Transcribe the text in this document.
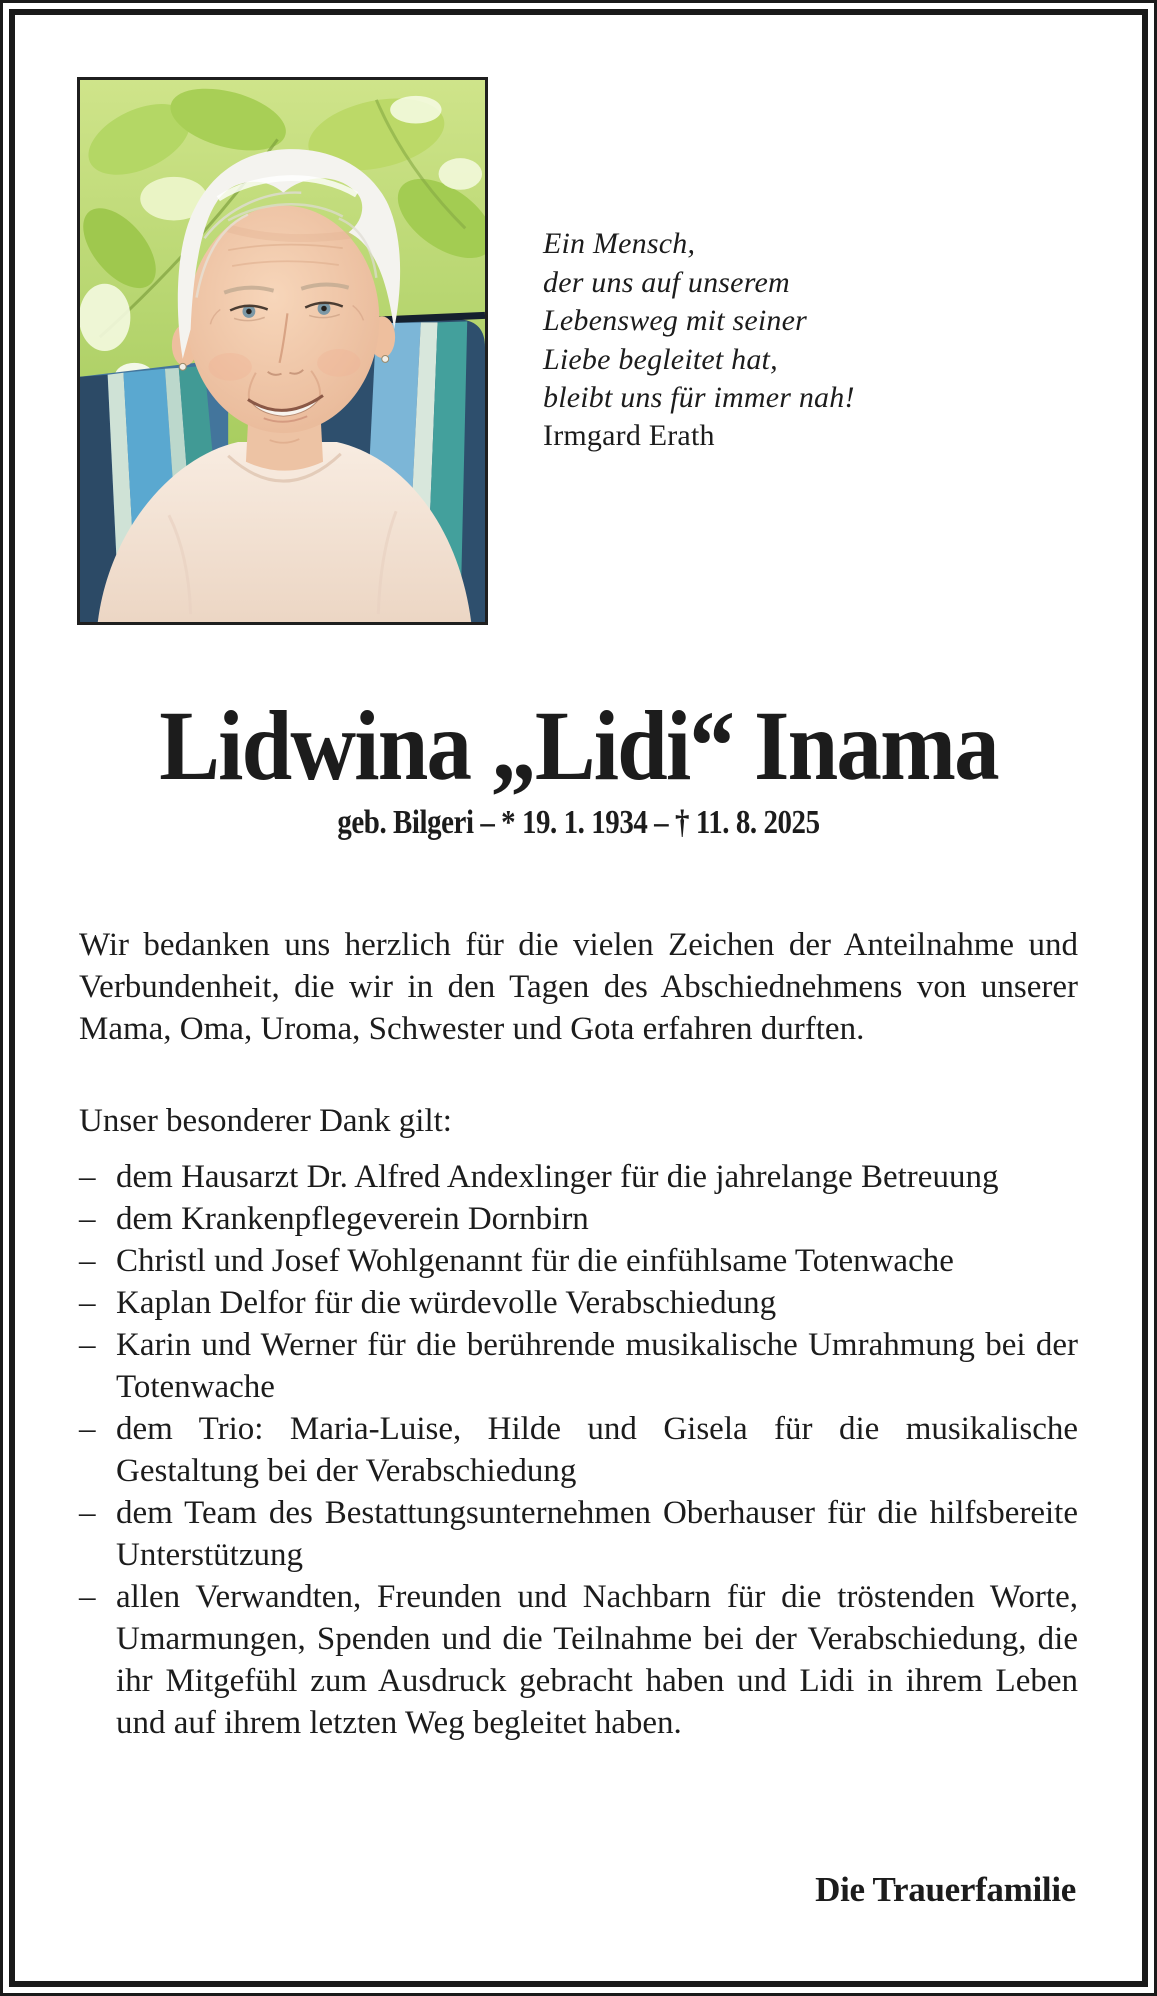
Ein Mensch,
der uns auf unserem
Lebensweg mit seiner
Liebe begleitet hat,
bleibt uns für immer nah!
Irmgard Erath
Lidwina „Lidi“ Inama
geb. Bilgeri – * 19. 1. 1934 – † 11. 8. 2025

Wir bedanken uns herzlich für die vielen Zeichen der Anteilnahme und Verbundenheit, die wir in den Tagen des Abschiednehmens von unserer Mama, Oma, Uroma, Schwester und Gota erfahren durften.

Unser besonderer Dank gilt:

– dem Hausarzt Dr. Alfred Andexlinger für die jahrelange Betreuung
– dem Krankenpflegeverein Dornbirn
– Christl und Josef Wohlgenannt für die einfühlsame Totenwache
– Kaplan Delfor für die würdevolle Verabschiedung
– Karin und Werner für die berührende musikalische Umrahmung bei der Totenwache
– dem Trio: Maria-Luise, Hilde und Gisela für die musikalische Gestaltung bei der Verabschiedung
– dem Team des Bestattungsunternehmen Oberhauser für die hilfsbereite Unterstützung
– allen Verwandten, Freunden und Nachbarn für die tröstenden Worte, Umarmungen, Spenden und die Teilnahme bei der Verabschiedung, die ihr Mitgefühl zum Ausdruck gebracht haben und Lidi in ihrem Leben und auf ihrem letzten Weg begleitet haben.
Die Trauerfamilie
